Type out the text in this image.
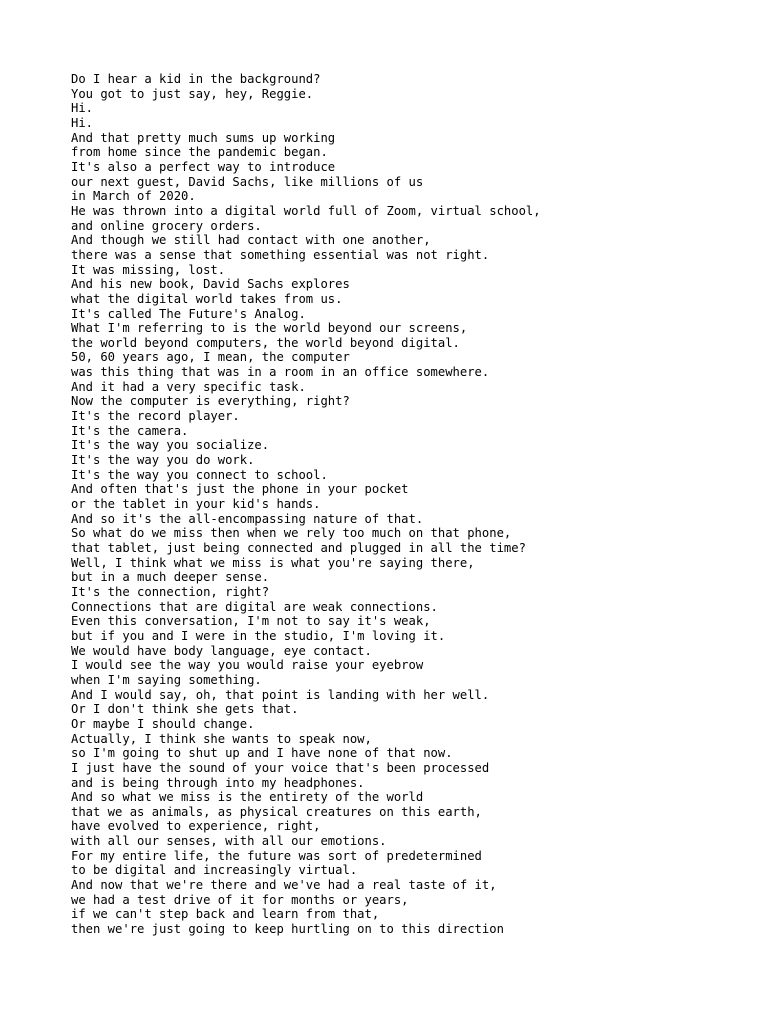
Do I hear a kid in the background?
You got to just say, hey, Reggie.
Hi.
Hi.
And that pretty much sums up working
from home since the pandemic began.
It's also a perfect way to introduce
our next guest, David Sachs, like millions of us
in March of 2020.
He was thrown into a digital world full of Zoom, virtual school,
and online grocery orders.
And though we still had contact with one another,
there was a sense that something essential was not right.
It was missing, lost.
And his new book, David Sachs explores
what the digital world takes from us.
It's called The Future's Analog.
What I'm referring to is the world beyond our screens,
the world beyond computers, the world beyond digital.
50, 60 years ago, I mean, the computer
was this thing that was in a room in an office somewhere.
And it had a very specific task.
Now the computer is everything, right?
It's the record player.
It's the camera.
It's the way you socialize.
It's the way you do work.
It's the way you connect to school.
And often that's just the phone in your pocket
or the tablet in your kid's hands.
And so it's the all-encompassing nature of that.
So what do we miss then when we rely too much on that phone,
that tablet, just being connected and plugged in all the time?
Well, I think what we miss is what you're saying there,
but in a much deeper sense.
It's the connection, right?
Connections that are digital are weak connections.
Even this conversation, I'm not to say it's weak,
but if you and I were in the studio, I'm loving it.
We would have body language, eye contact.
I would see the way you would raise your eyebrow
when I'm saying something.
And I would say, oh, that point is landing with her well.
Or I don't think she gets that.
Or maybe I should change.
Actually, I think she wants to speak now,
so I'm going to shut up and I have none of that now.
I just have the sound of your voice that's been processed
and is being through into my headphones.
And so what we miss is the entirety of the world
that we as animals, as physical creatures on this earth,
have evolved to experience, right,
with all our senses, with all our emotions.
For my entire life, the future was sort of predetermined
to be digital and increasingly virtual.
And now that we're there and we've had a real taste of it,
we had a test drive of it for months or years,
if we can't step back and learn from that,
then we're just going to keep hurtling on to this direction
